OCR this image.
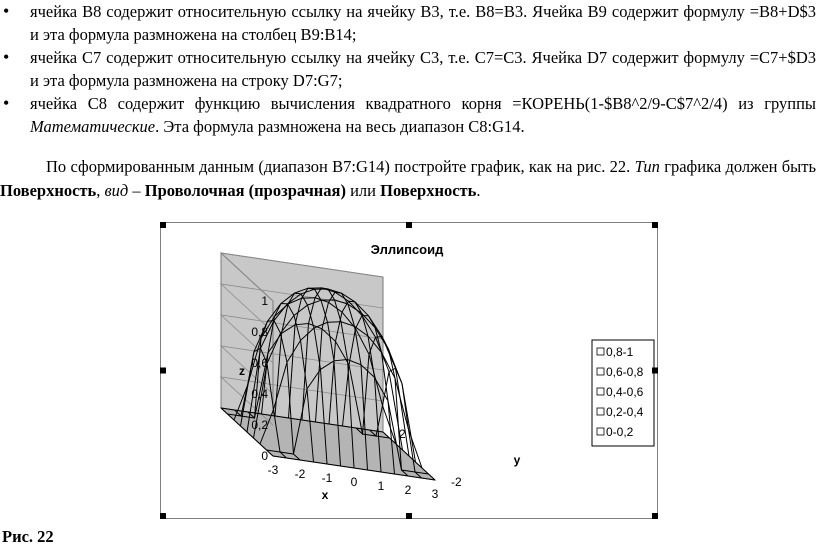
• ячейка B8 содержит относительную ссылку на ячейку B3, т.е. B8=B3. Ячейка B9 содержит формулу =B8+D$3 и эта формула размножена на столбец B9:B14;
• ячейка C7 содержит относительную ссылку на ячейку C3, т.е. C7=C3. Ячейка D7 содержит формулу =C7+$D3 и эта формула размножена на строку D7:G7;
• ячейка C8 содержит функцию вычисления квадратного корня =КОРЕНЬ(1-$B8^2/9-C$7^2/4) из группы Математические. Эта формула размножена на весь диапазон C8:G14.

По сформированным данным (диапазон B7:G14) постройте график, как на рис. 22. Тип графика должен быть Поверхность, вид – Проволочная (прозрачная) или Поверхность.

Эллипсоид
0
0,2
0,4
0,6
0,8
1
-3 -2 -1 0 1 2 3
-2
2
z
x
y
0,8-1
0,6-0,8
0,4-0,6
0,2-0,4
0-0,2
Рис. 22
